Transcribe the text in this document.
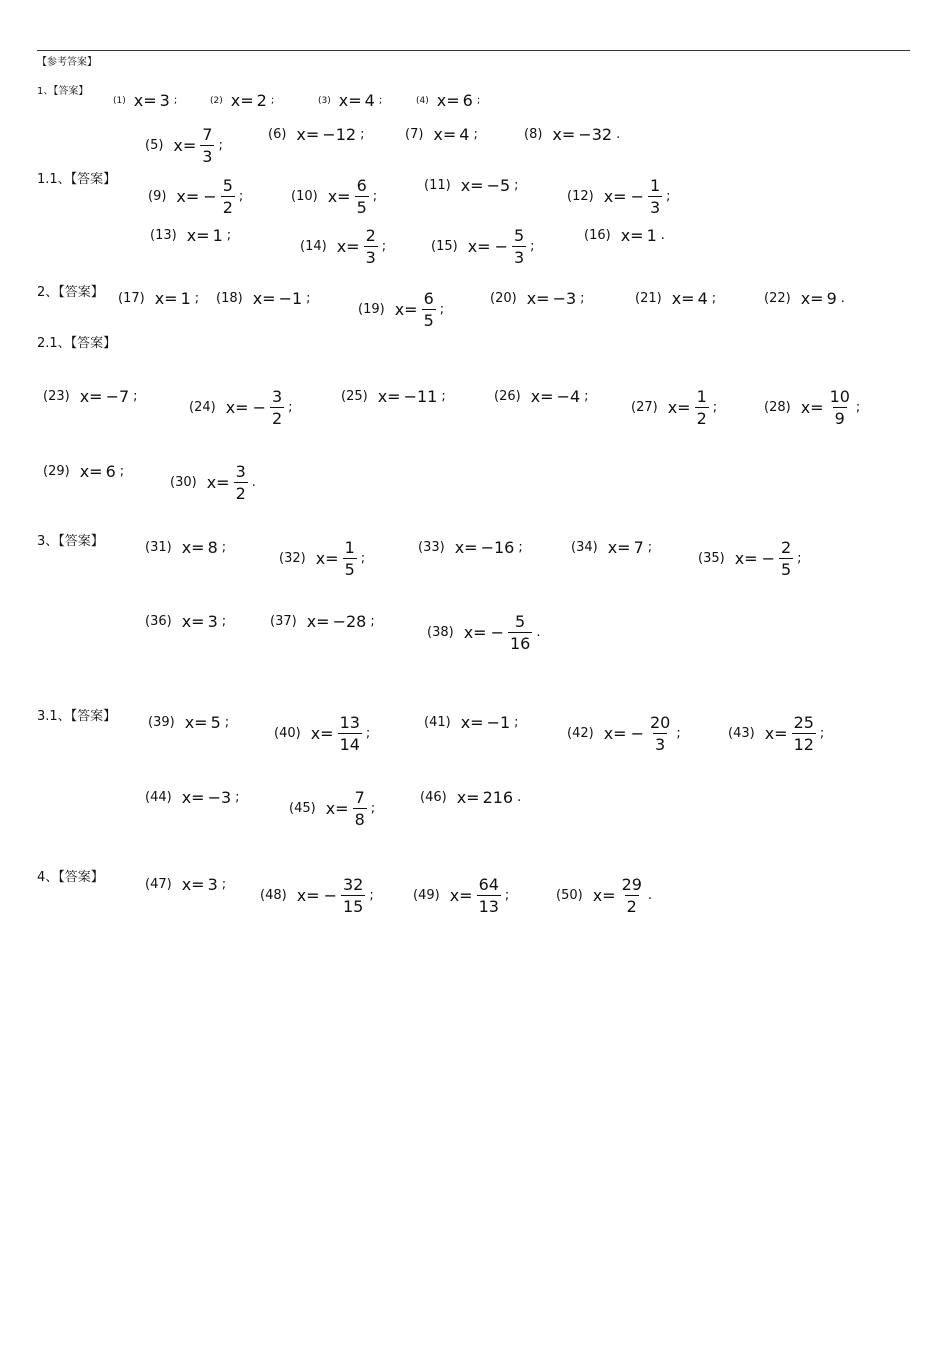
【参考答案】
1、【答案】
1.1、【答案】
2、【答案】
2.1、【答案】
3、【答案】
3.1、【答案】
4、【答案】
(1) x= 3 ;	(2) x= 2 ;	(3) x= 4 ;	(4) x= 6 ;
(5) $x= \frac{7}{3}$ ;
(6) x= −12 ;	(7) x= 4 ;	(8) x= −32 .
(9) $x= - \frac{5}{2}$ ;	(10) $x= \frac{6}{5}$ ;
(11) x= −5 ;
(12) $x= - \frac{1}{3}$ ;
(13) x= 1 ;
(14) $x= \frac{2}{3}$ ;	(15) $x= - \frac{5}{3}$ ;
(16) x= 1 .
(17) x= 1 ; (18) x= −1 ;
(19) $x= \frac{6}{5}$ ;
(20) x= −3 ;	(21) x= 4 ;	(22) x= 9 .
(23) x= −7 ;
(24) $x= - \frac{3}{2}$ ;
(25) x= −11 ;	(26) x= −4 ;
(27) $x= \frac{1}{2}$ ;	(28) $x= \frac{10}{9}$ ;
(29) x= 6 ;
(30) $x= \frac{3}{2}$ .
(31) x= 8 ;
(32) $x= \frac{1}{5}$ ;
(33) x= −16 ;	(34) x= 7 ;
(35) $x= - \frac{2}{5}$ ;
(36) x= 3 ;	(37) x= −28 ;
(38) $x= - \frac{5}{16}$ .
(39) x= 5 ;
(40) $x= \frac{13}{14}$ ;
(41) x= −1 ;
(42) $x= - \frac{20}{3}$ ;	(43) $x= \frac{25}{12}$ ;
(44) x= −3 ;
(45) $x= \frac{7}{8}$ ;
(46) x= 216 .
(47) x= 3 ;
(48) $x= - \frac{32}{15}$ ;	(49) $x= \frac{64}{13}$ ;	(50) $x= \frac{29}{2}$ .
